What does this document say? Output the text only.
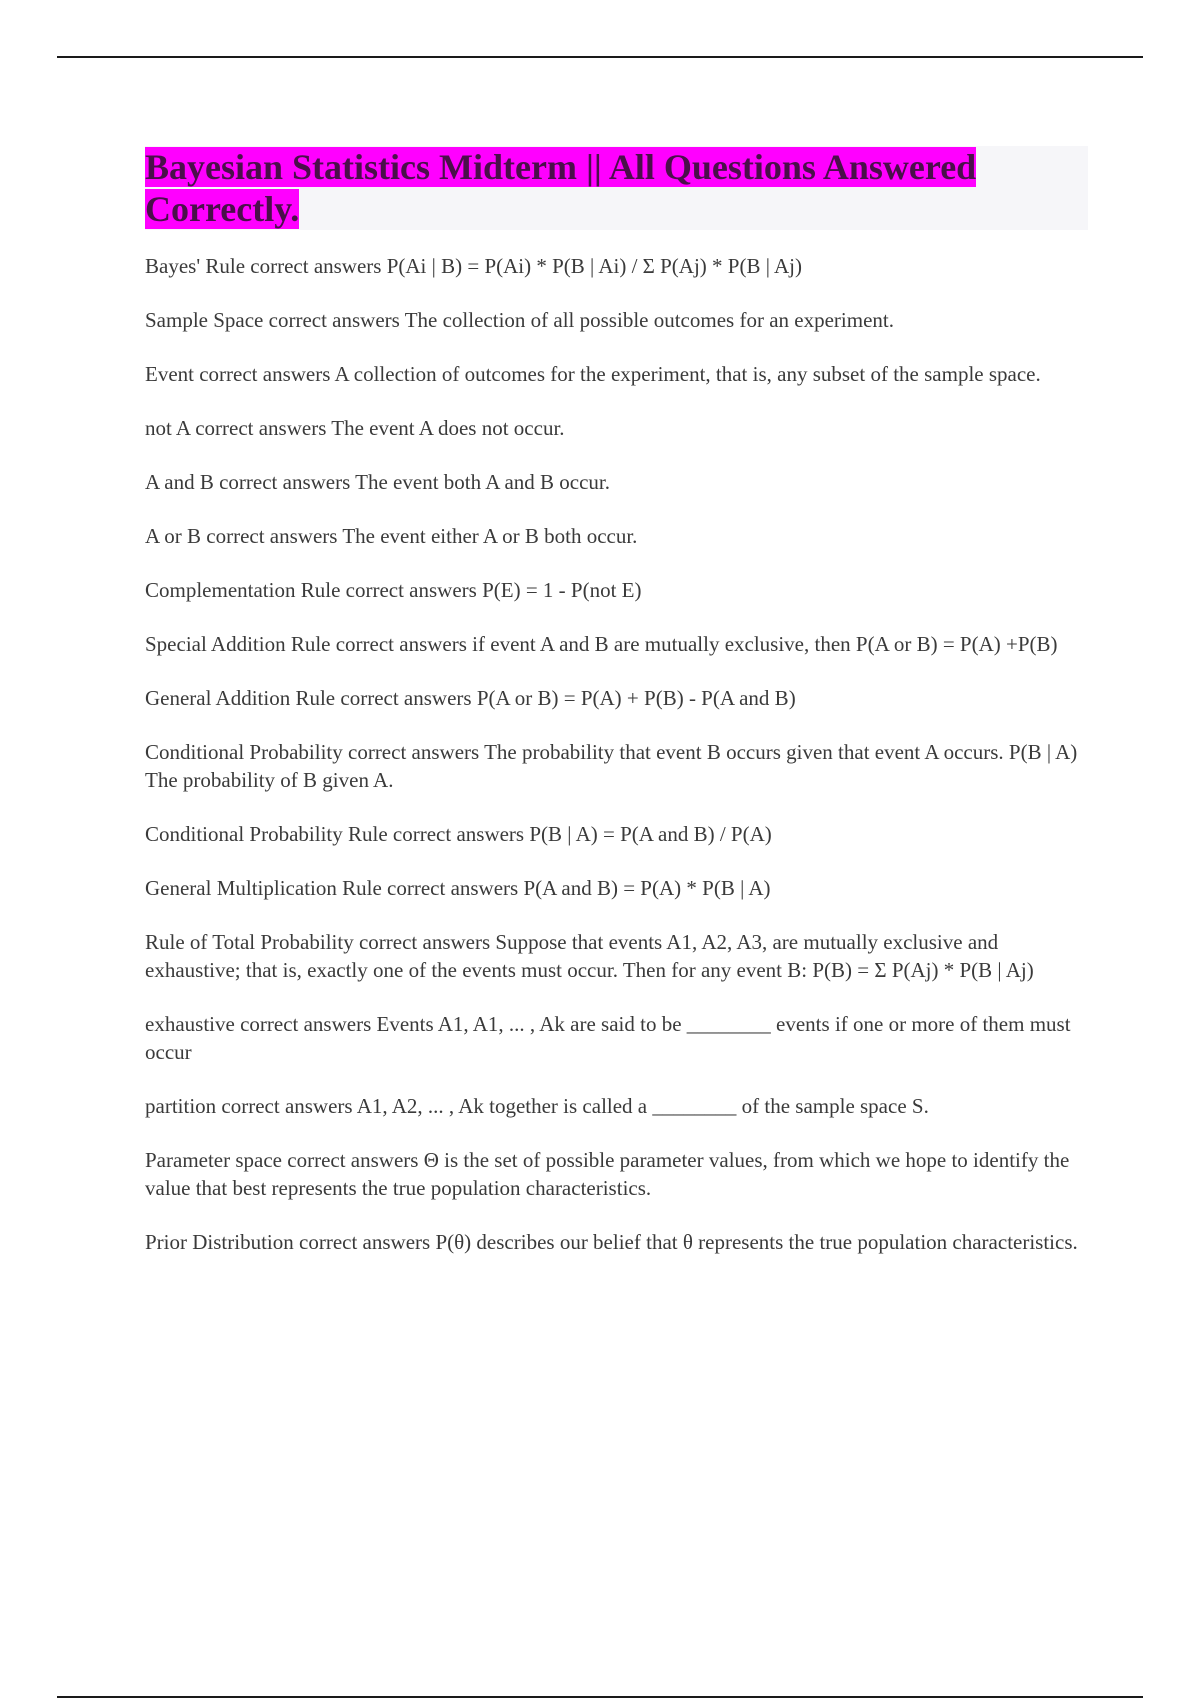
Bayesian Statistics Midterm || All Questions Answered Correctly.

Bayes' Rule correct answers P(Ai | B) = P(Ai) * P(B | Ai) / Σ P(Aj) * P(B | Aj)

Sample Space correct answers The collection of all possible outcomes for an experiment.

Event correct answers A collection of outcomes for the experiment, that is, any subset of the sample space.

not A correct answers The event A does not occur.

A and B correct answers The event both A and B occur.

A or B correct answers The event either A or B both occur.

Complementation Rule correct answers P(E) = 1 - P(not E)

Special Addition Rule correct answers if event A and B are mutually exclusive, then P(A or B) = P(A) +P(B)

General Addition Rule correct answers P(A or B) = P(A) + P(B) - P(A and B)

Conditional Probability correct answers The probability that event B occurs given that event A occurs. P(B | A) The probability of B given A.

Conditional Probability Rule correct answers P(B | A) = P(A and B) / P(A)

General Multiplication Rule correct answers P(A and B) = P(A) * P(B | A)

Rule of Total Probability correct answers Suppose that events A1, A2, A3, are mutually exclusive and exhaustive; that is, exactly one of the events must occur. Then for any event B: P(B) = Σ P(Aj) * P(B | Aj)

exhaustive correct answers Events A1, A1, ... , Ak are said to be ________ events if one or more of them must occur

partition correct answers A1, A2, ... , Ak together is called a ________ of the sample space S.

Parameter space correct answers Θ is the set of possible parameter values, from which we hope to identify the value that best represents the true population characteristics.

Prior Distribution correct answers P(θ) describes our belief that θ represents the true population characteristics.
